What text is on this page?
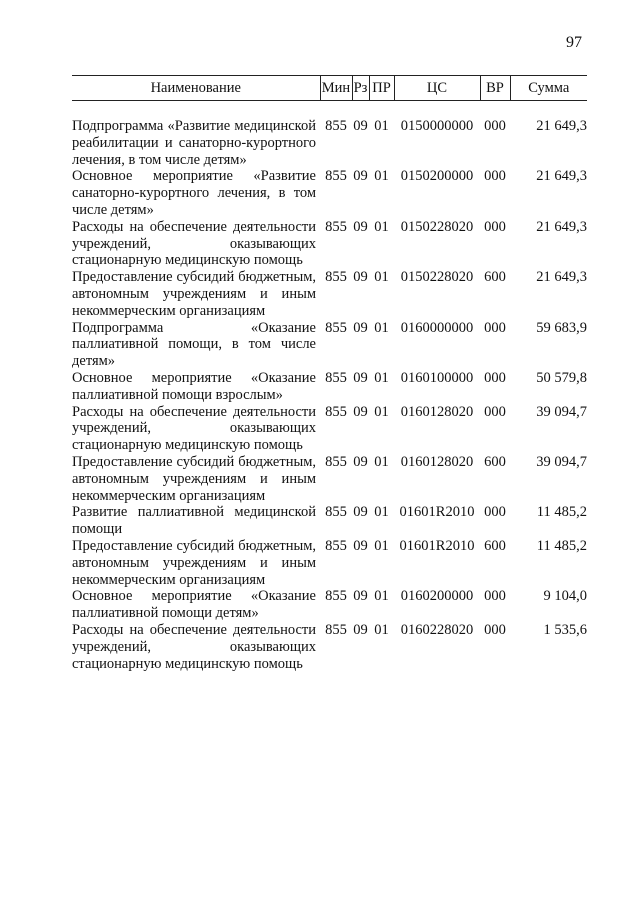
97
Наименование	Мин	Рз	ПР	ЦС	ВР	Сумма

Подпрограмма «Развитие медицинской реабилитации и санаторно-курортного лечения, в том числе детям»	855	09	01	0150000000	000	21 649,3
Основное мероприятие «Развитие санаторно-курортного лечения, в том числе детям»	855	09	01	0150200000	000	21 649,3
Расходы на обеспечение деятельности учреждений, оказывающих стационарную медицинскую помощь	855	09	01	0150228020	000	21 649,3
Предоставление субсидий бюджетным, автономным учреждениям и иным некоммерческим организациям	855	09	01	0150228020	600	21 649,3
Подпрограмма «Оказание паллиативной помощи, в том числе детям»	855	09	01	0160000000	000	59 683,9
Основное мероприятие «Оказание паллиативной помощи взрослым»	855	09	01	0160100000	000	50 579,8
Расходы на обеспечение деятельности учреждений, оказывающих стационарную медицинскую помощь	855	09	01	0160128020	000	39 094,7
Предоставление субсидий бюджетным, автономным учреждениям и иным некоммерческим организациям	855	09	01	0160128020	600	39 094,7
Развитие паллиативной медицинской помощи	855	09	01	01601R2010	000	11 485,2
Предоставление субсидий бюджетным, автономным учреждениям и иным некоммерческим организациям	855	09	01	01601R2010	600	11 485,2
Основное мероприятие «Оказание паллиативной помощи детям»	855	09	01	0160200000	000	9 104,0
Расходы на обеспечение деятельности учреждений, оказывающих стационарную медицинскую помощь	855	09	01	0160228020	000	1 535,6
